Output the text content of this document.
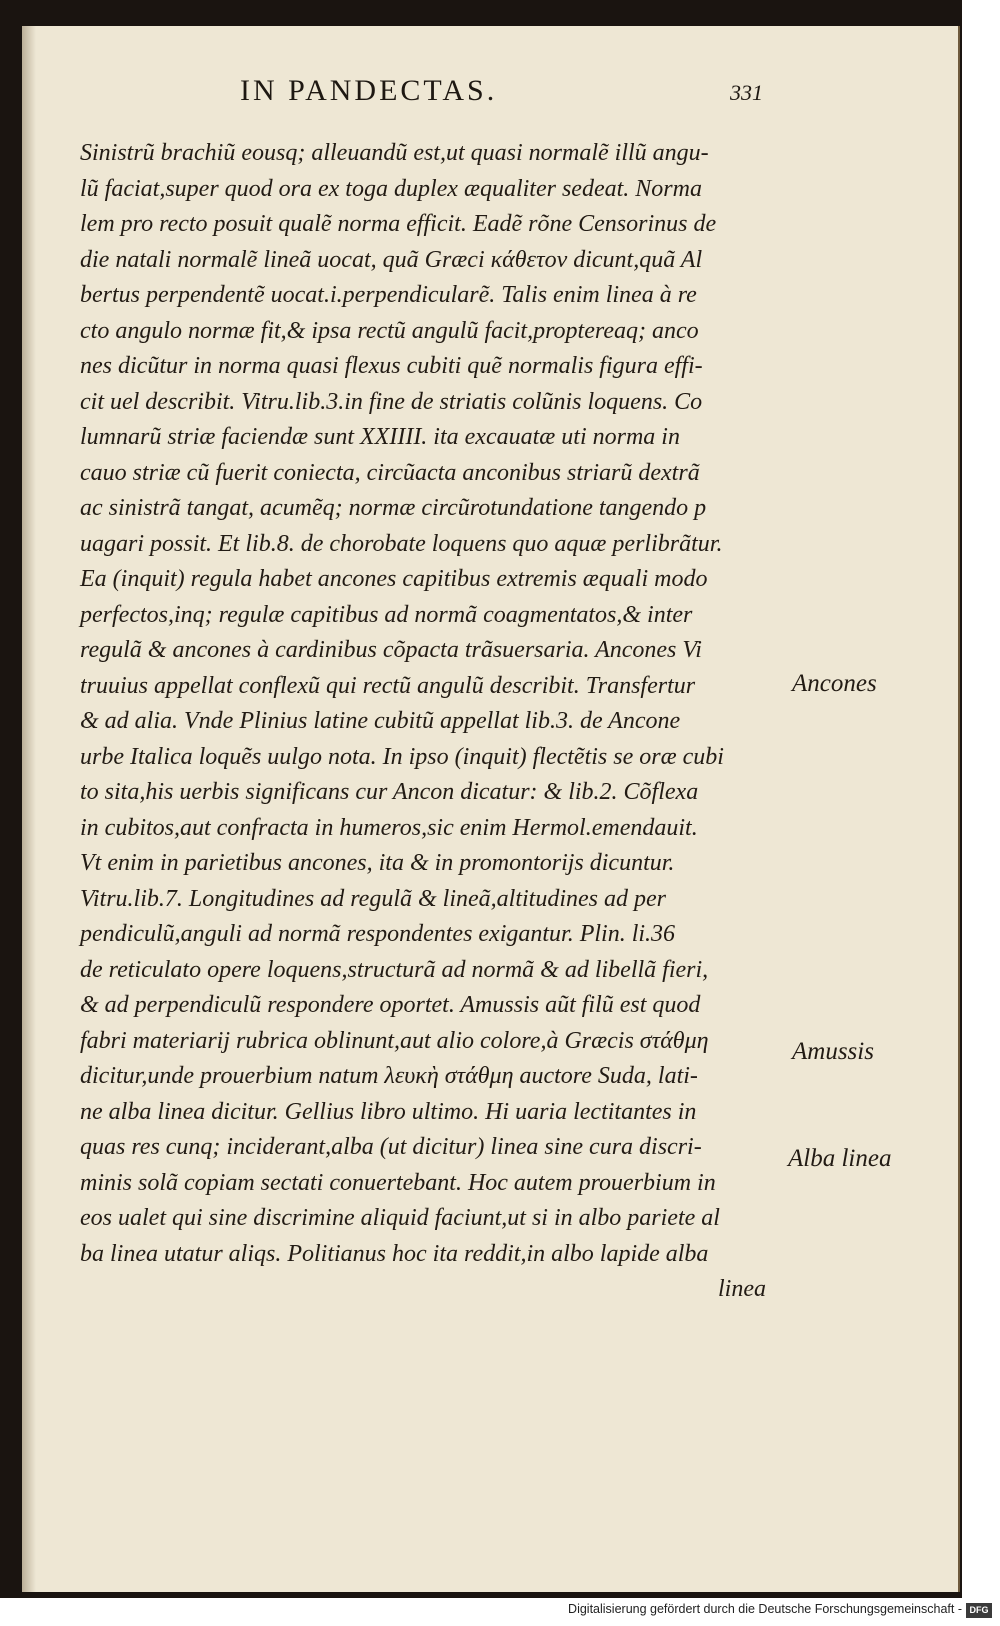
IN PANDECTAS.	331
Sinistrũ brachiũ eousq; alleuandũ est,ut quasi normalẽ illũ angu-
lũ faciat,super quod ora ex toga duplex æqualiter sedeat. Norma
lem pro recto posuit qualẽ norma efficit. Eadẽ rõne Censorinus de
die natali normalẽ lineã uocat, quã Græci κάθετον dicunt,quã Al
bertus perpendentẽ uocat.i.perpendicularẽ. Talis enim linea à re
cto angulo normæ fit,& ipsa rectũ angulũ facit,proptereaq; anco
nes dicũtur in norma quasi flexus cubiti quẽ normalis figura effi-
cit uel describit. Vitru.lib.3.in fine de striatis colũnis loquens. Co
lumnarũ striæ faciendæ sunt XXIIII. ita excauatæ uti norma in
cauo striæ cũ fuerit coniecta, circũacta anconibus striarũ dextrã
ac sinistrã tangat, acumẽq; normæ circũrotundatione tangendo p
uagari possit. Et lib.8. de chorobate loquens quo aquæ perlibrãtur.
Ea (inquit) regula habet ancones capitibus extremis æquali modo
perfectos,inq; regulæ capitibus ad normã coagmentatos,& inter
regulã & ancones à cardinibus cõpacta trãsuersaria. Ancones Vi
truuius appellat conflexũ qui rectũ angulũ describit. Transfertur
& ad alia. Vnde Plinius latine cubitũ appellat lib.3. de Ancone
urbe Italica loquẽs uulgo nota. In ipso (inquit) flectẽtis se oræ cubi
to sita,his uerbis significans cur Ancon dicatur: & lib.2. Cõflexa
in cubitos,aut confracta in humeros,sic enim Hermol.emendauit.
Vt enim in parietibus ancones, ita & in promontorijs dicuntur.
Vitru.lib.7. Longitudines ad regulã & lineã,altitudines ad per
pendiculũ,anguli ad normã respondentes exigantur. Plin. li.36
de reticulato opere loquens,structurã ad normã & ad libellã fieri,
& ad perpendiculũ respondere oportet. Amussis aũt filũ est quod
fabri materiarij rubrica oblinunt,aut alio colore,à Græcis στάθμη
dicitur,unde prouerbium natum λευκὴ στάθμη auctore Suda, lati-
ne alba linea dicitur. Gellius libro ultimo. Hi uaria lectitantes in
quas res cunq; inciderant,alba (ut dicitur) linea sine cura discri-
minis solã copiam sectati conuertebant. Hoc autem prouerbium in
eos ualet qui sine discrimine aliquid faciunt,ut si in albo pariete al
ba linea utatur aliqs. Politianus hoc ita reddit,in albo lapide alba
linea
Ancones
Amussis
Alba linea
Digitalisierung gefördert durch die Deutsche Forschungsgemeinschaft - DFG
